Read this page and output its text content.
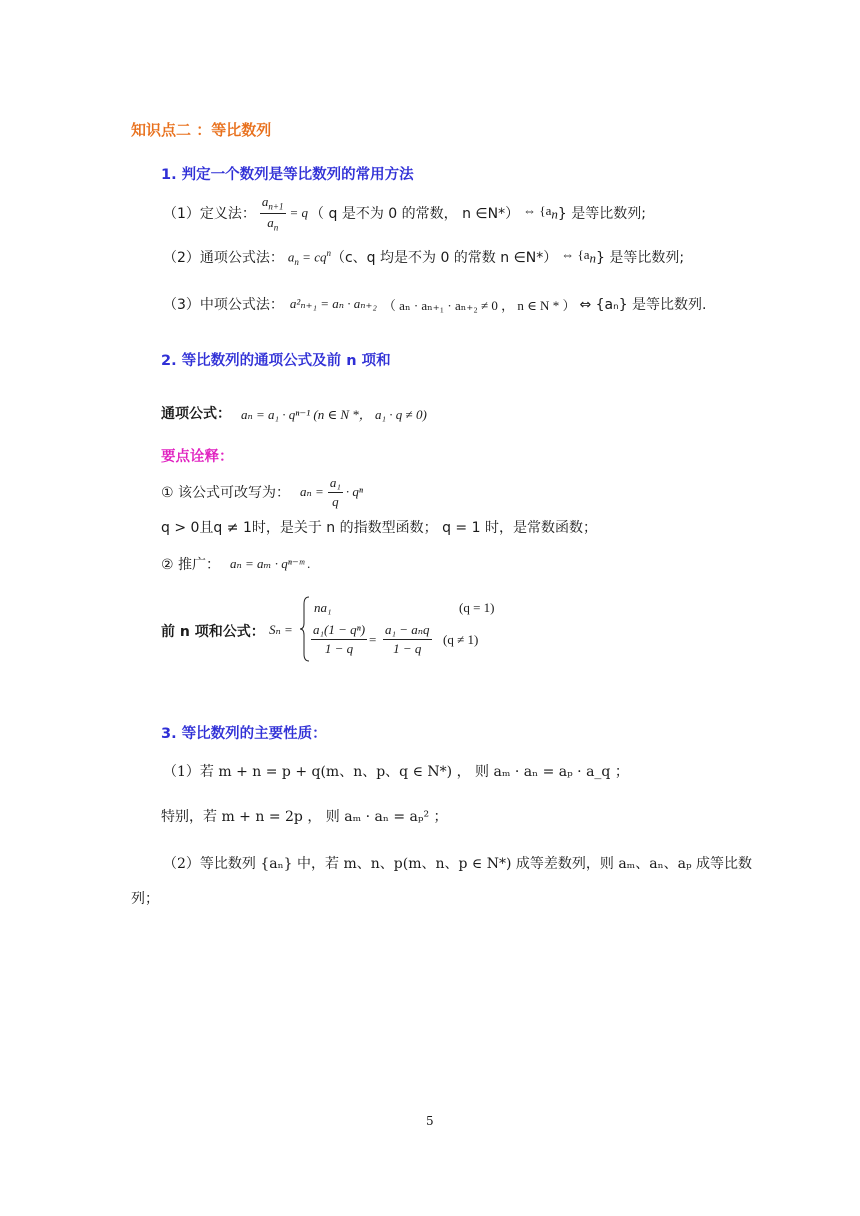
知识点二 ：等比数列
1. 判定一个数列是等比数列的常用方法
（1）定义法： $\frac{a_{n+1}}{a_n} = q$ （ q 是不为 0 的常数， n ∈N*） ⇔ {$a_n$ } 是等比数列;
（2）通项公式法： $a_n = cq^n$ （c、q 均是不为 0 的常数 n ∈N*） ⇔ {$a_n$ } 是等比数列;
（3）中项公式法： a²ₙ₊₁ = aₙ · aₙ₊₂ （ aₙ · aₙ₊₁ · aₙ₊₂ ≠ 0 ， n ∈ N * ） ⇔ {aₙ} 是等比数列.
2. 等比数列的通项公式及前 n 项和
通项公式： aₙ = a₁ · qⁿ⁻¹ (n ∈ N *， a₁ · q ≠ 0)
要点诠释：
① 该公式可改写为： $a_n = \frac{\text{a₁}}{q} \cdot q^n$
q > 0且q ≠ 1时，是关于 n 的指数型函数； q = 1 时，是常数函数；
② 推广： aₙ = aₘ · qⁿ⁻ᵐ .
前 n 项和公式： Sₙ =
na₁	(q = 1)
$\frac{\text{a₁(1 − qⁿ)}}{1 - q}$ =
a₁ − aₙq
1 − q
(q ≠ 1)
3. 等比数列的主要性质：
（1）若 m + n = p + q(m、n、p、q ∈ N*) ， 则 aₘ · aₙ = aₚ · a_q ；
特别，若 m + n = 2p ， 则 aₘ · aₙ = aₚ² ；
（2）等比数列 {aₙ} 中，若 m、n、p(m、n、p ∈ N*) 成等差数列，则 aₘ、aₙ、aₚ 成等比数
列；
5
